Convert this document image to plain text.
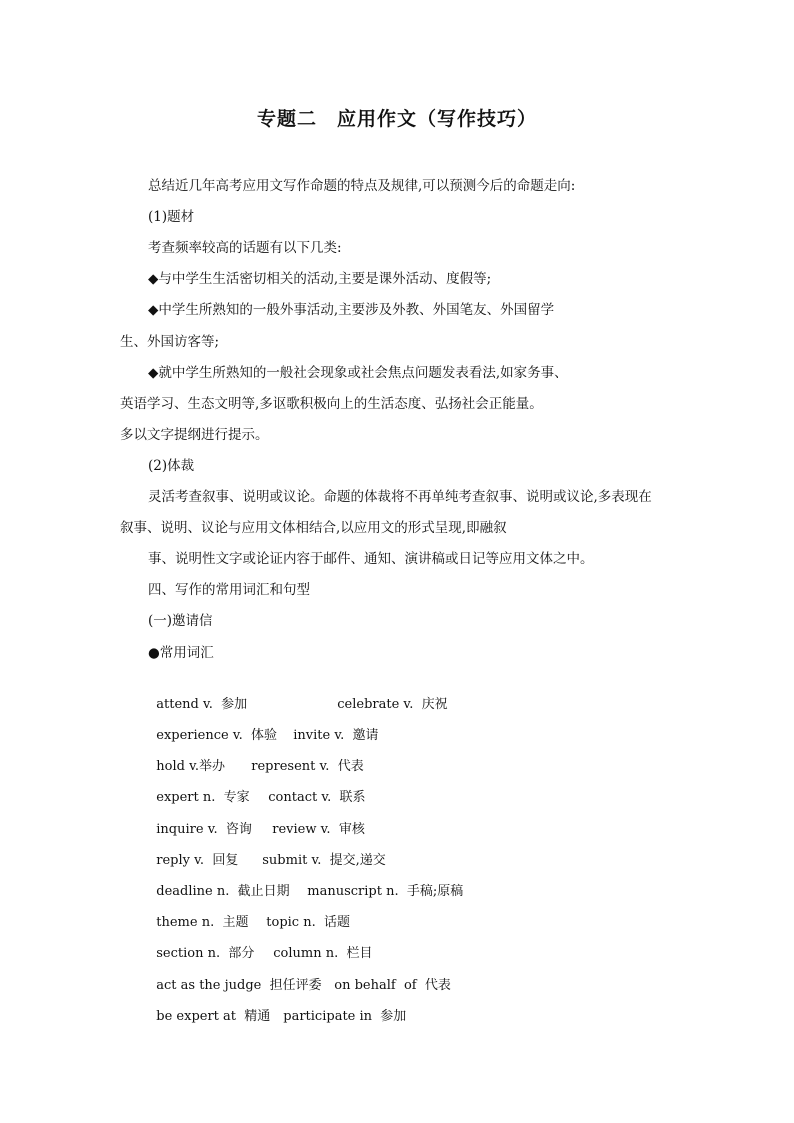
专题二　应用作文（写作技巧）
总结近几年高考应用文写作命题的特点及规律,可以预测今后的命题走向:
(1)题材
考查频率较高的话题有以下几类:
◆与中学生生活密切相关的活动,主要是课外活动、度假等;
◆中学生所熟知的一般外事活动,主要涉及外教、外国笔友、外国留学
生、外国访客等;
◆就中学生所熟知的一般社会现象或社会焦点问题发表看法,如家务事、
英语学习、生态文明等,多讴歌积极向上的生活态度、弘扬社会正能量。
多以文字提纲进行提示。
(2)体裁
灵活考查叙事、说明或议论。命题的体裁将不再单纯考查叙事、说明或议论,多表现在
叙事、说明、议论与应用文体相结合,以应用文的形式呈现,即融叙
事、说明性文字或论证内容于邮件、通知、演讲稿或日记等应用文体之中。
四、写作的常用词汇和句型
(一)邀请信
●常用词汇

attend v.  参加	celebrate v.  庆祝

experience v.  体验 invite v.  邀请

hold v.举办 represent v.  代表

expert n.  专家 contact v.  联系

inquire v.  咨询 review v.  审核

reply v.  回复 submit v.  提交,递交

deadline n.  截止日期 manuscript n.  手稿;原稿

theme n.  主题 topic n.  话题

section n.  部分 column n.  栏目

act as the judge  担任评委 on behalf  of  代表

be expert at  精通 participate in  参加
